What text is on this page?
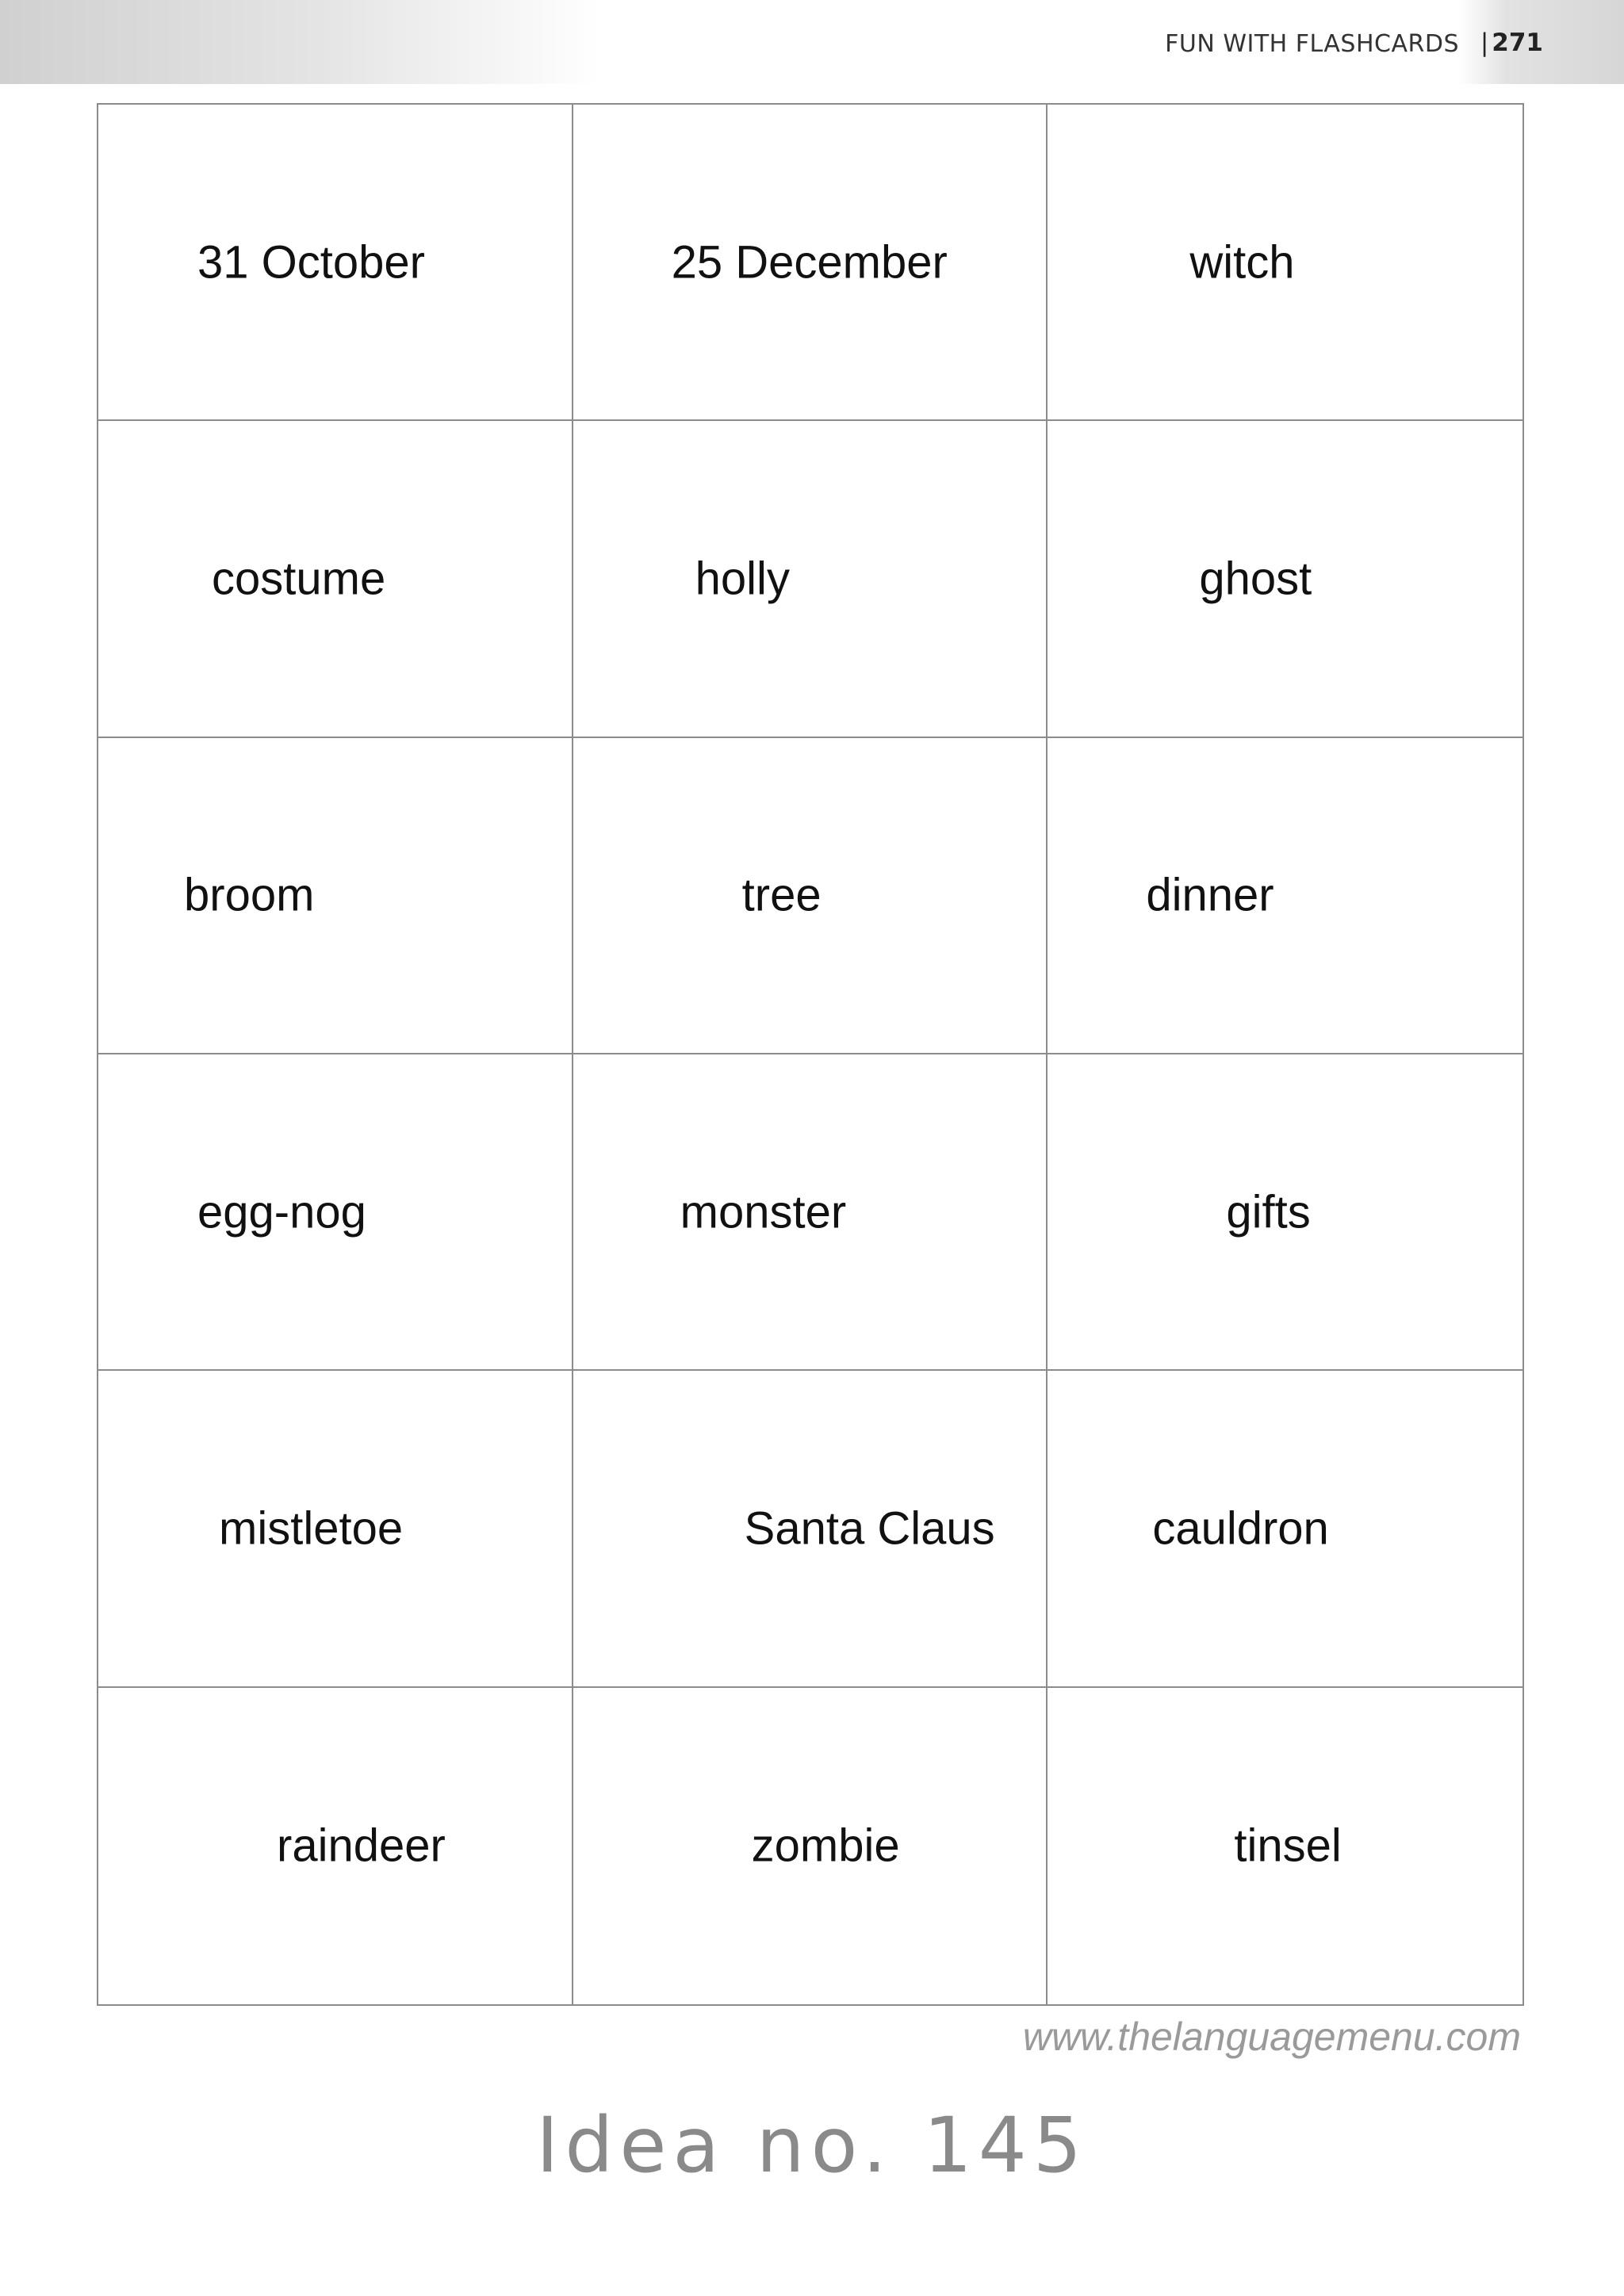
FUN WITH FLASHCARDS | 271
31 October	25 December	witch
costume	holly	ghost
broom	tree	dinner
egg-nog	monster	gifts
mistletoe	Santa Claus	cauldron
raindeer	zombie	tinsel
www.thelanguagemenu.com
Idea no. 145
